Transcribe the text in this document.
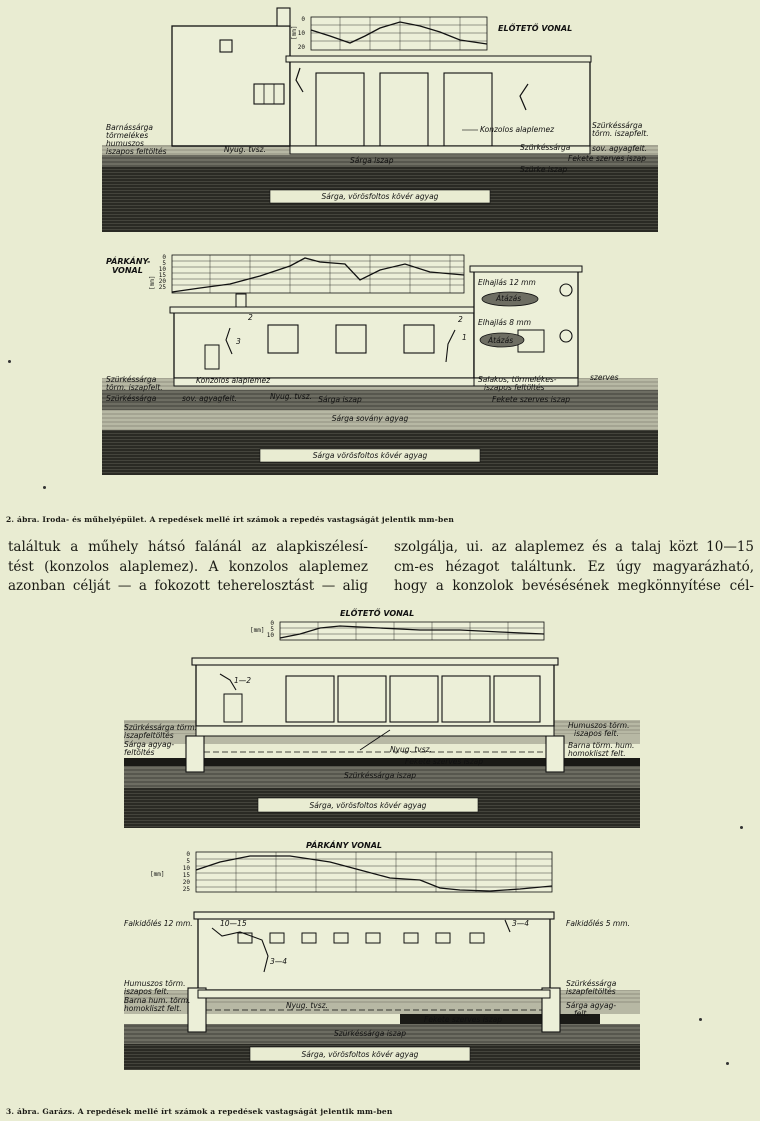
Sárga, vörösfoltos kövér agyag
0
10
20
[mm]	ELŐTETŐ VONAL
Barnássárga
törmelékes
humuszos
iszapos feltöltés	Nyug. tvsz.
Konzolos alaplemez	Szürkéssárga
törm. iszapfelt.
sov. agyagfelt.
Szürkéssárga
Sárga iszap	Fekete szerves iszap
Szürke iszap
Sárga vörösfoltos kövér agyag
Sárga sovány agyag
Sárga iszap
0
5
10
15
20
25
[mm]
PÁRKÁNY-
VONAL
Elhajlás 12 mm
Átázás
Elhajlás 8 mm
Átázás
2
3
2
1
Szürkéssárga
törm. iszapfelt.
Konzolos alaplemez
Szürkéssárga	sov. agyagfelt.	Nyug. tvsz.
Salakos, törmelékes-
iszapos feltöltés
szerves
Fekete szerves iszap
2. ábra. Iroda- és műhelyépület. A repedések mellé írt számok a repedés vastagságát jelentik mm-ben
találtuk a műhely hátsó falánál az alapkiszélesí-
tést (konzolos alaplemez). A konzolos alaplemez
azonban célját — a fokozott teherelosztást — alig
szolgálja, ui. az alaplemez és a talaj közt 10—15
cm-es hézagot találtunk. Ez úgy magyarázható,
hogy a konzolok bevésésének megkönnyítése cél-
Sárga, vörösfoltos kövér agyag
Szürkéssárga iszap
Fekete szerves iszap
1—2
0
5
10
[mm]
ELŐTETŐ VONAL
Szürkéssárga törm.
iszapfeltöltés
Sárga agyag-
feltöltés	Nyug. tvsz.
Humuszos törm.
iszapos felt.
Barna törm. hum.
homokliszt felt.
Sárga, vörösfoltos kövér agyag
Szürkéssárga iszap
Fekete szerves iszap
10—15
3—4
3—4
0
5
10
15
20
25
[mm]
PÁRKÁNY VONAL
Falkidőlés 12 mm.	Falkidőlés 5 mm.
Humuszos törm.
iszapos felt.
Barna hum. törm.
homokliszt felt.	Nyug. tvsz.
Szürkéssárga
iszapfeltöltés
Sárga agyag-
felt.
3. ábra. Garázs. A repedések mellé írt számok a repedések vastagságát jelentik mm-ben
